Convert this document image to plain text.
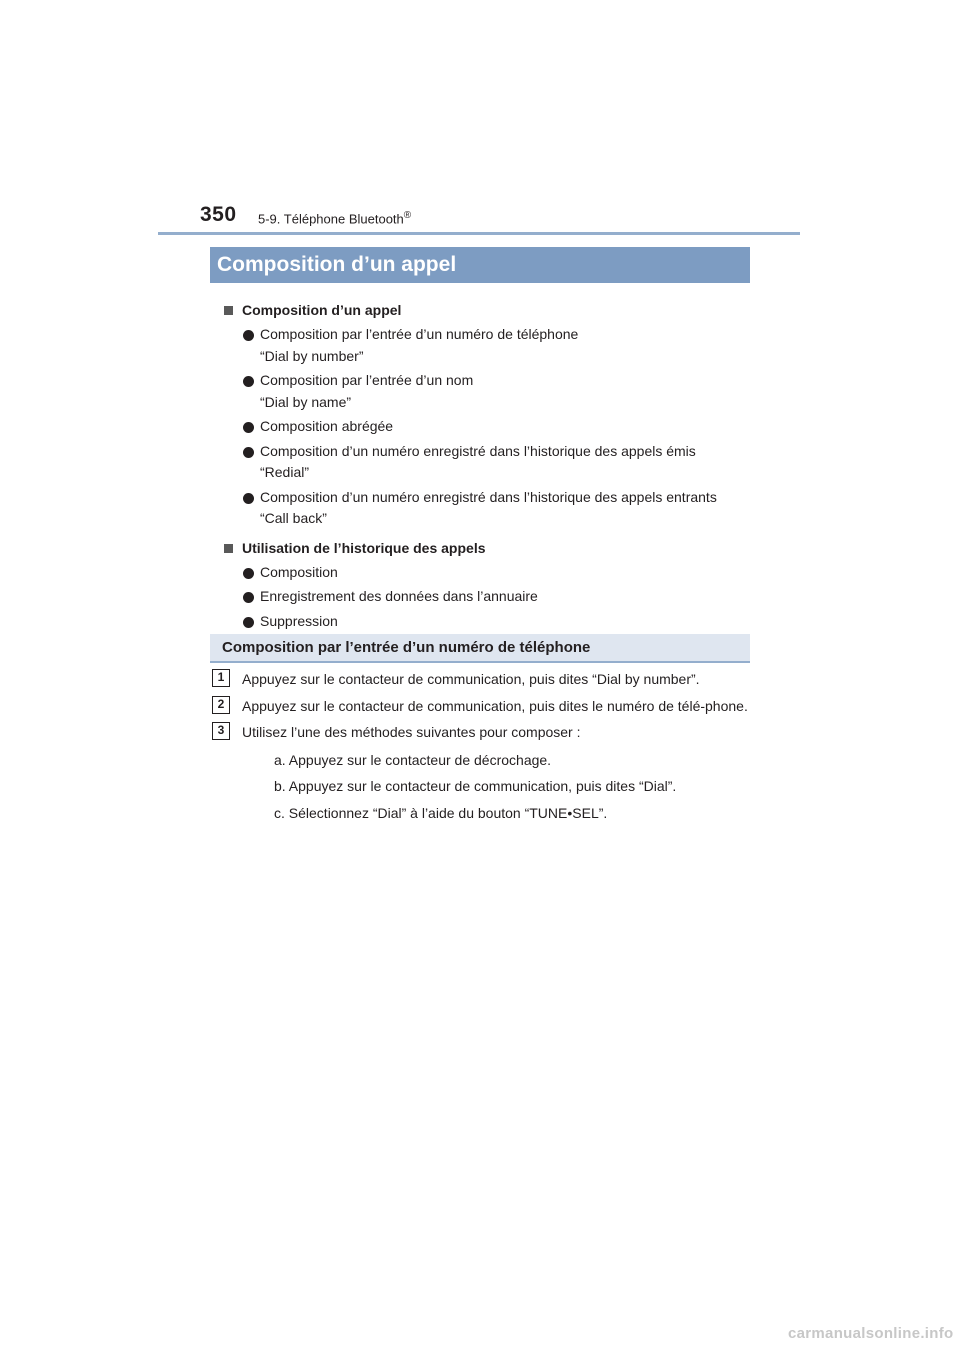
350 5-9. Téléphone Bluetooth®
Composition d’un appel
Composition d’un appel
Composition par l’entrée d’un numéro de téléphone
“Dial by number”
Composition par l’entrée d’un nom
“Dial by name”
Composition abrégée
Composition d’un numéro enregistré dans l’historique des appels émis
“Redial”
Composition d’un numéro enregistré dans l’historique des appels entrants
“Call back”
Utilisation de l’historique des appels
Composition
Enregistrement des données dans l’annuaire
Suppression
Composition par l’entrée d’un numéro de téléphone
1	Appuyez sur le contacteur de communication, puis dites “Dial by number”.
2	Appuyez sur le contacteur de communication, puis dites le numéro de télé-phone.
3	Utilisez l’une des méthodes suivantes pour composer :
a. Appuyez sur le contacteur de décrochage.
b. Appuyez sur le contacteur de communication, puis dites “Dial”.
c. Sélectionnez “Dial” à l’aide du bouton “TUNE•SEL”.
carmanualsonline.info
